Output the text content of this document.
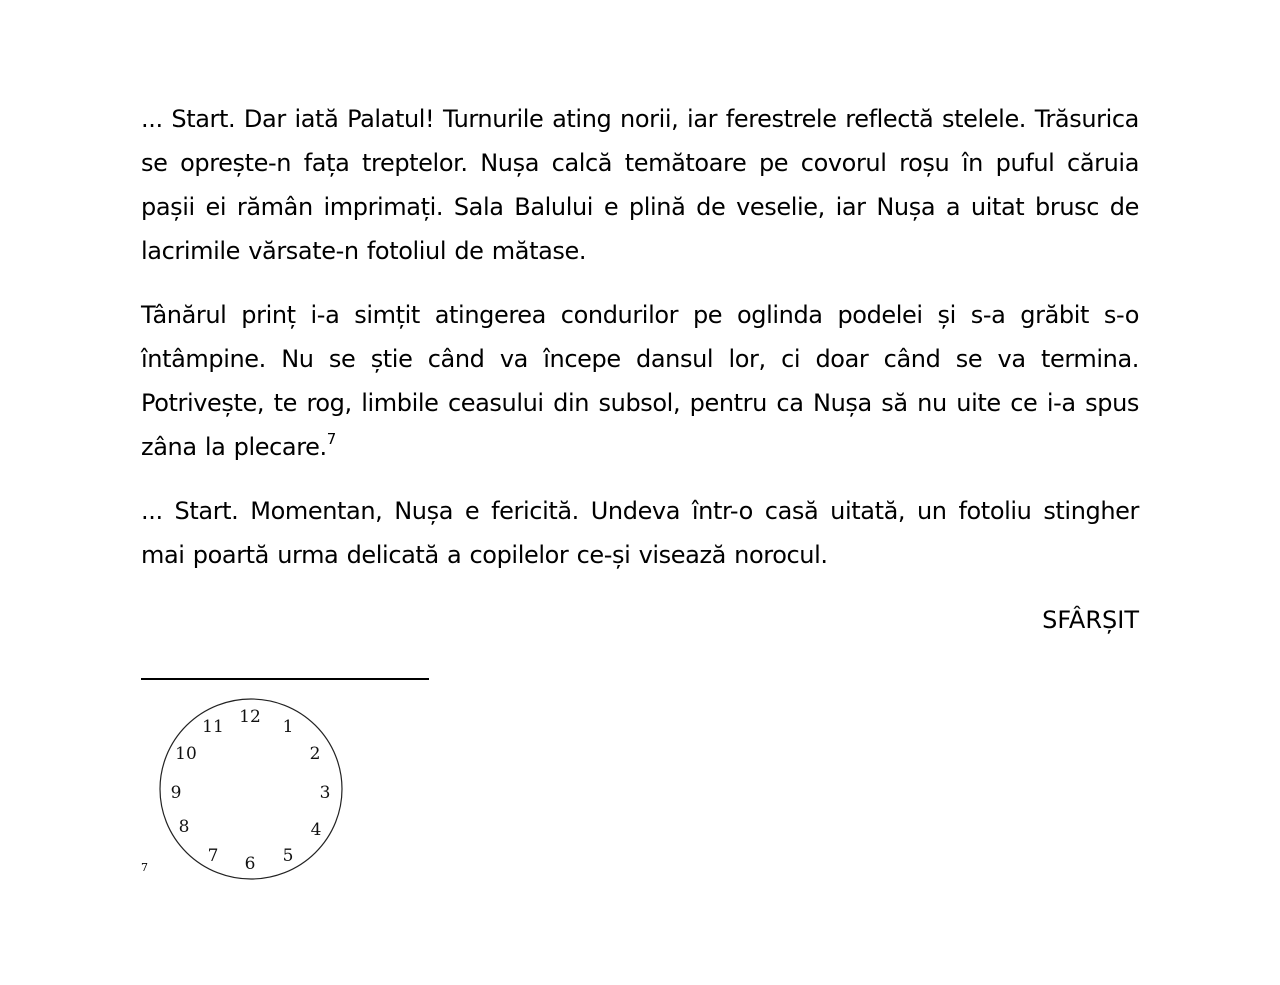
... Start. Dar iată Palatul! Turnurile ating norii, iar ferestrele reflectă stelele. Trăsurica se oprește-n fața treptelor. Nușa calcă temătoare pe covorul roșu în puful căruia pașii ei rămân imprimați. Sala Balului e plină de veselie, iar Nușa a uitat brusc de lacrimile vărsate-n fotoliul de mătase.
Tânărul prinț i-a simțit atingerea condurilor pe oglinda podelei și s-a grăbit s-o întâmpine. Nu se știe când va începe dansul lor, ci doar când se va termina. Potrivește, te rog, limbile ceasului din subsol, pentru ca Nușa să nu uite ce i-a spus zâna la plecare.$^7$
... Start. Momentan, Nușa e fericită. Undeva într-o casă uitată, un fotoliu stingher mai poartă urma delicată a copilelor ce-și visează norocul.
SFÂRȘIT
7
12 1
2
3
4
5
6
7
8
9
10
11
